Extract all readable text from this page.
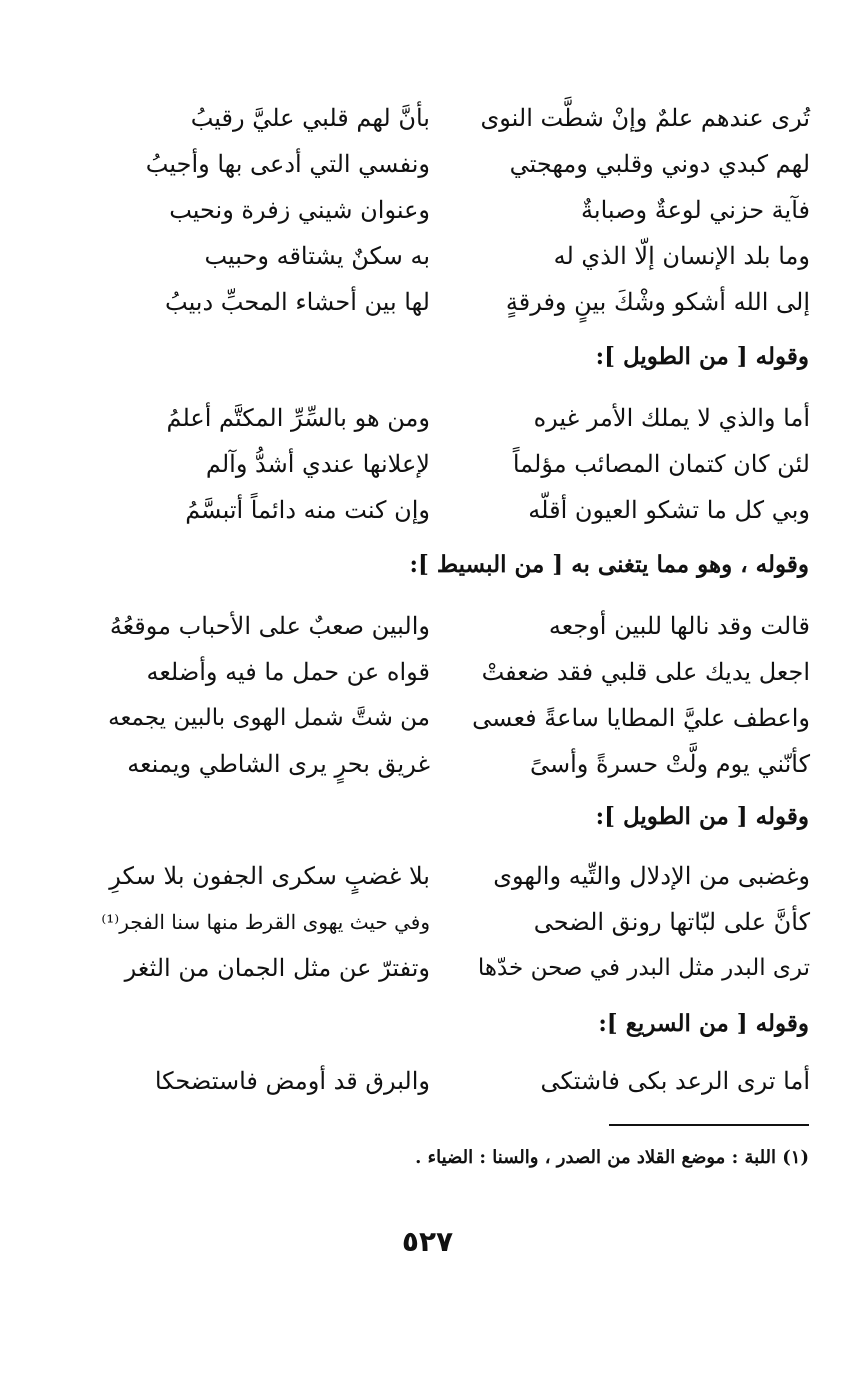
تُرى عندهم علمٌ وإنْ شطَّت النوى
بأنَّ لهم قلبي عليَّ رقيبُ
لهم كبدي دوني وقلبي ومهجتي
ونفسي التي أدعى بها وأجيبُ
فآية حزني لوعةٌ وصبابةٌ
وعنوان شيني زفرة ونحيب
وما بلد الإنسان إلّا الذي له
به سكنٌ يشتاقه وحبيب
إلى الله أشكو وشْكَ بينٍ وفرقةٍ
لها بين أحشاء المحبِّ دبيبُ
وقوله [ من الطويل ]:
أما والذي لا يملك الأمر غيره
ومن هو بالسِّرِّ المكتَّم أعلمُ
لئن كان كتمان المصائب مؤلماً
لإعلانها عندي أشدُّ وآلم
وبي كل ما تشكو العيون أقلّه
وإن كنت منه دائماً أتبسَّمُ
وقوله ، وهو مما يتغنى به [ من البسيط ]:
قالت وقد نالها للبين أوجعه
والبين صعبٌ على الأحباب موقعُهُ
اجعل يديك على قلبي فقد ضعفتْ
قواه عن حمل ما فيه وأضلعه
واعطف عليَّ المطايا ساعةً فعسى
من شتَّ شمل الهوى بالبين يجمعه
كأنّني يوم ولَّتْ حسرةً وأسىً
غريق بحرٍ يرى الشاطي ويمنعه
وقوله [ من الطويل ]:
وغضبى من الإدلال والتِّيه والهوى
بلا غضبٍ سكرى الجفون بلا سكرِ
كأنَّ على لبّاتها رونق الضحى
وفي حيث يهوى القرط منها سنا الفجر⁽¹⁾
ترى البدر مثل البدر في صحن خدّها
وتفترّ عن مثل الجمان من الثغر
وقوله [ من السريع ]:
أما ترى الرعد بكى فاشتكى
والبرق قد أومض فاستضحكا
(١) اللبة : موضع القلاد من الصدر ، والسنا : الضياء .
٥٢٧
